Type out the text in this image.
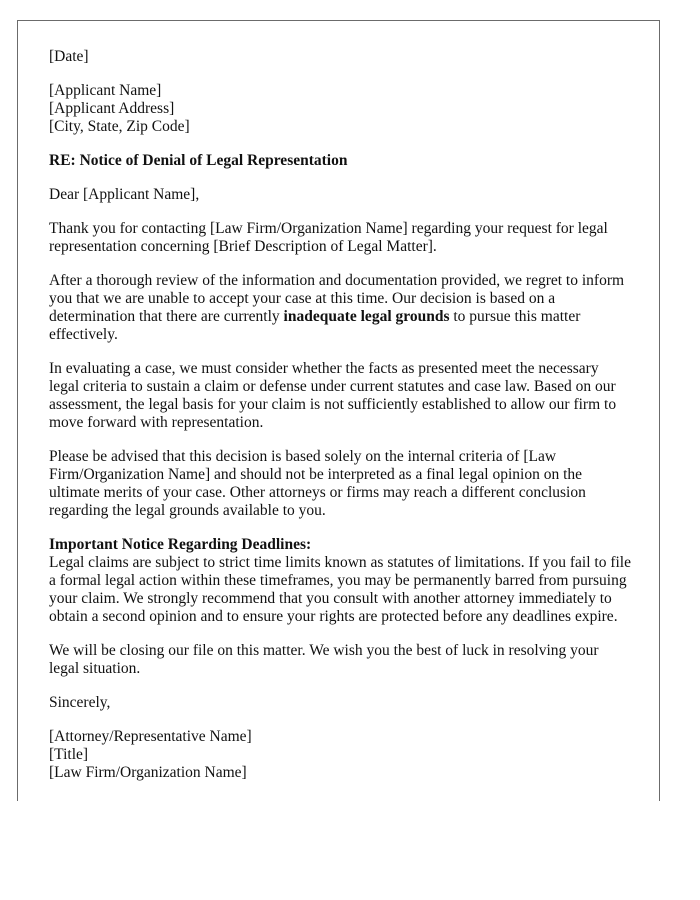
[Date]

[Applicant Name]
[Applicant Address]
[City, State, Zip Code]

RE: Notice of Denial of Legal Representation

Dear [Applicant Name],

Thank you for contacting [Law Firm/Organization Name] regarding your request for legal representation concerning [Brief Description of Legal Matter].

After a thorough review of the information and documentation provided, we regret to inform you that we are unable to accept your case at this time. Our decision is based on a determination that there are currently inadequate legal grounds to pursue this matter effectively.

In evaluating a case, we must consider whether the facts as presented meet the necessary legal criteria to sustain a claim or defense under current statutes and case law. Based on our assessment, the legal basis for your claim is not sufficiently established to allow our firm to move forward with representation.

Please be advised that this decision is based solely on the internal criteria of [Law Firm/Organization Name] and should not be interpreted as a final legal opinion on the ultimate merits of your case. Other attorneys or firms may reach a different conclusion regarding the legal grounds available to you.

Important Notice Regarding Deadlines:
Legal claims are subject to strict time limits known as statutes of limitations. If you fail to file a formal legal action within these timeframes, you may be permanently barred from pursuing your claim. We strongly recommend that you consult with another attorney immediately to obtain a second opinion and to ensure your rights are protected before any deadlines expire.

We will be closing our file on this matter. We wish you the best of luck in resolving your legal situation.

Sincerely,

[Attorney/Representative Name]
[Title]
[Law Firm/Organization Name]
